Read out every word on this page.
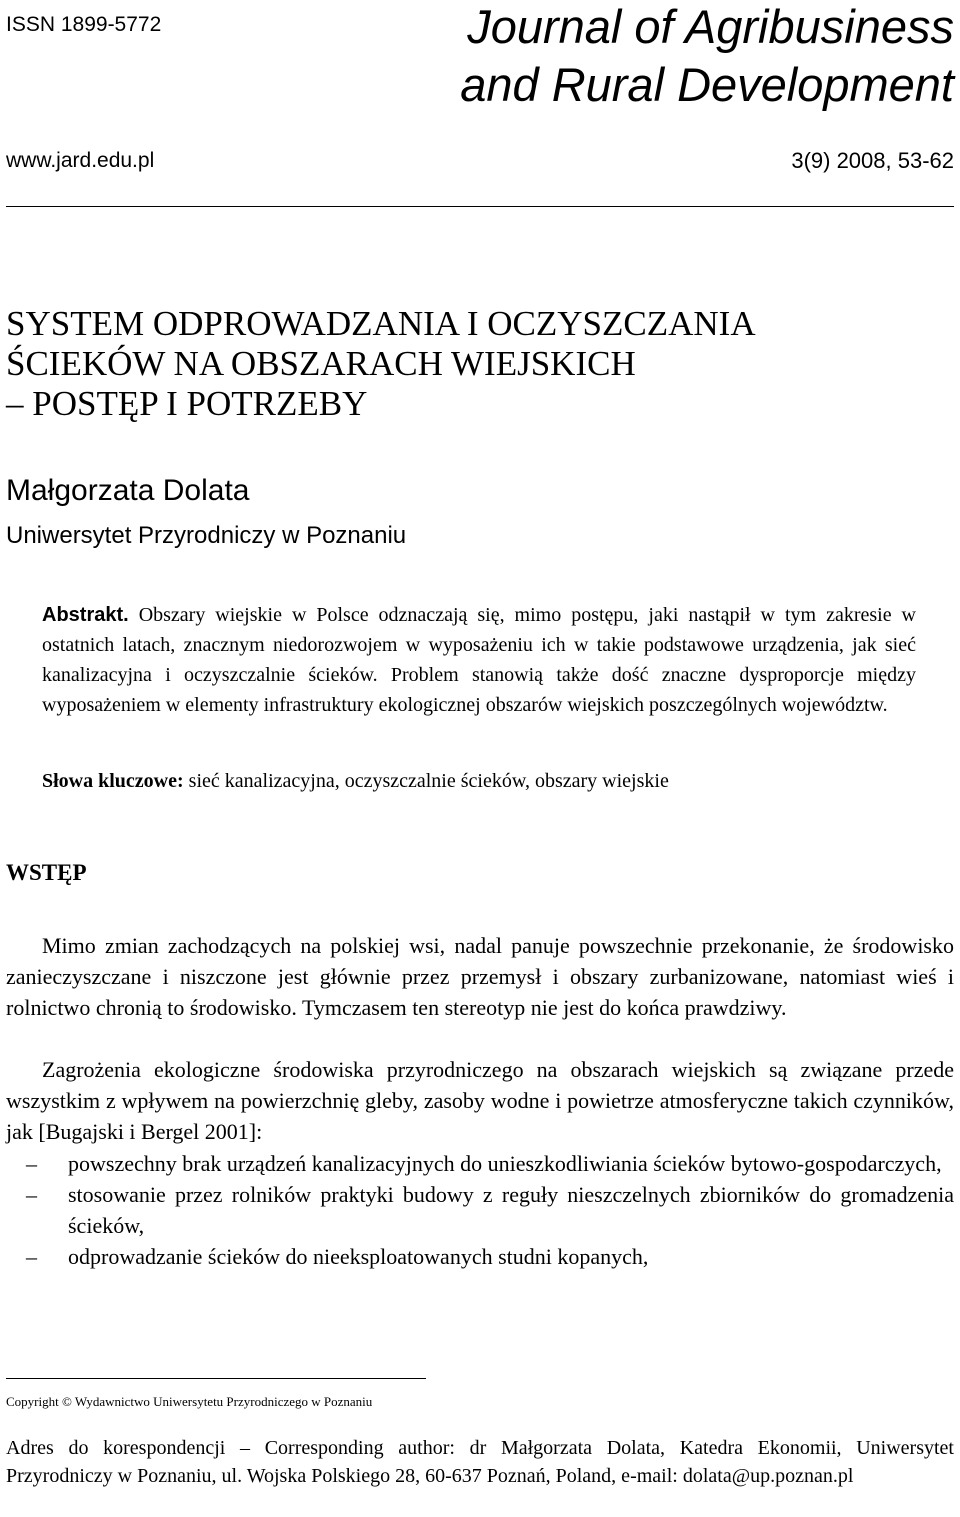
ISSN 1899-5772	Journal of Agribusiness
and Rural Development
www.jard.edu.pl	3(9) 2008, 53-62
SYSTEM ODPROWADZANIA I OCZYSZCZANIA
ŚCIEKÓW NA OBSZARACH WIEJSKICH
– POSTĘP I POTRZEBY
Małgorzata Dolata
Uniwersytet Przyrodniczy w Poznaniu
Abstrakt. Obszary wiejskie w Polsce odznaczają się, mimo postępu, jaki nastąpił w tym zakresie w ostatnich latach, znacznym niedorozwojem w wyposażeniu ich w takie podstawowe urządzenia, jak sieć kanalizacyjna i oczyszczalnie ścieków. Problem stanowią także dość znaczne dysproporcje między wyposażeniem w elementy infrastruktury ekologicznej obszarów wiejskich poszczególnych województw.
Słowa kluczowe: sieć kanalizacyjna, oczyszczalnie ścieków, obszary wiejskie
WSTĘP
Mimo zmian zachodzących na polskiej wsi, nadal panuje powszechnie przekonanie, że środowisko zanieczyszczane i niszczone jest głównie przez przemysł i obszary zurbanizowane, natomiast wieś i rolnictwo chronią to środowisko. Tymczasem ten stereotyp nie jest do końca prawdziwy.
Zagrożenia ekologiczne środowiska przyrodniczego na obszarach wiejskich są związane przede wszystkim z wpływem na powierzchnię gleby, zasoby wodne i powietrze atmosferyczne takich czynników, jak [Bugajski i Bergel 2001]:
– powszechny brak urządzeń kanalizacyjnych do unieszkodliwiania ścieków bytowo-gospodarczych,
– stosowanie przez rolników praktyki budowy z reguły nieszczelnych zbiorników do gromadzenia ścieków,
– odprowadzanie ścieków do nieeksploatowanych studni kopanych,
Copyright © Wydawnictwo Uniwersytetu Przyrodniczego w Poznaniu
Adres do korespondencji – Corresponding author: dr Małgorzata Dolata, Katedra Ekonomii, Uniwersytet Przyrodniczy w Poznaniu, ul. Wojska Polskiego 28, 60-637 Poznań, Poland, e-mail: dolata@up.poznan.pl
